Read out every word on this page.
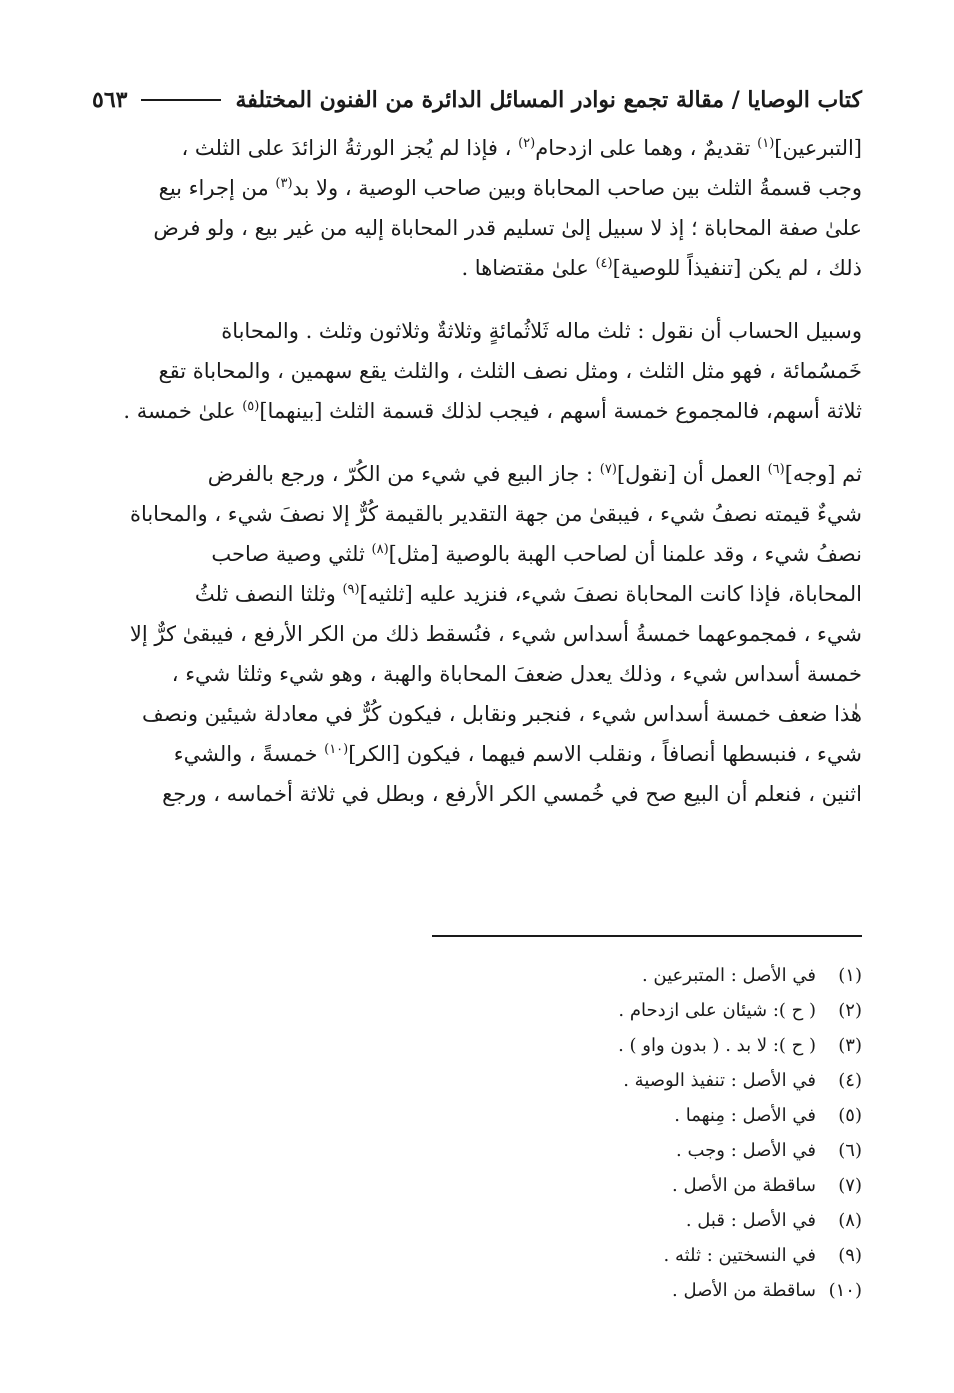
كتاب الوصايا / مقالة تجمع نوادر المسائل الدائرة من الفنون المختلفة
٥٦٣
[التبرعين]$^{(١)}$ تقديمٌ ، وهما على ازدحام$^{(٢)}$ ، فإذا لم يُجز الورثةُ الزائدَ على الثلث ،
وجب قسمةُ الثلث بين صاحب المحاباة وبين صاحب الوصية ، ولا بد$^{(٣)}$ من إجراء بيع
علىٰ صفة المحاباة ؛ إذ لا سبيل إلىٰ تسليم قدر المحاباة إليه من غير بيع ، ولو فرض
ذلك ، لم يكن [تنفيذاً للوصية]$^{(٤)}$ علىٰ مقتضاها .
وسبيل الحساب أن نقول : ثلث ماله ثَلاثُمائةٍ وثلاثةٌ وثلاثون وثلث . والمحاباة
خَمسُمائة ، فهو مثل الثلث ، ومثل نصف الثلث ، والثلث يقع سهمين ، والمحاباة تقع
ثلاثة أسهم، فالمجموع خمسة أسهم ، فيجب لذلك قسمة الثلث [بينهما]$^{(٥)}$ علىٰ خمسة .
ثم [وجه]$^{(٦)}$ العمل أن [نقول]$^{(٧)}$ : جاز البيع في شيء من الكُرّ ، ورجع بالفرض
شيءٌ قيمته نصفُ شيء ، فيبقىٰ من جهة التقدير بالقيمة كُرٌّ إلا نصفَ شيء ، والمحاباة
نصفُ شيء ، وقد علمنا أن لصاحب الهبة بالوصية [مثل]$^{(٨)}$ ثلثي وصية صاحب
المحاباة، فإذا كانت المحاباة نصفَ شيء، فنزيد عليه [ثلثيه]$^{(٩)}$ وثلثا النصف ثلثُ
شيء ، فمجموعهما خمسةُ أسداس شيء ، فنُسقط ذلك من الكر الأرفع ، فيبقىٰ كرٌّ إلا
خمسة أسداس شيء ، وذلك يعدل ضعفَ المحاباة والهبة ، وهو شيء وثلثا شيء ،
هٰذا ضعف خمسة أسداس شيء ، فنجبر ونقابل ، فيكون كُرٌّ في معادلة شيئين ونصف
شيء ، فنبسطها أنصافاً ، ونقلب الاسم فيهما ، فيكون [الكر]$^{(١٠)}$ خمسةً ، والشيء
اثنين ، فنعلم أن البيع صح في خُمسي الكر الأرفع ، وبطل في ثلاثة أخماسه ، ورجع
(١)
في الأصل : المتبرعين .
(٢)
( ح ): شيئان على ازدحام .
(٣)
( ح ): لا بد . ( بدون واو ) .
(٤)
في الأصل : تنفيذ الوصية .
(٥)
في الأصل : مِنهما .
(٦)
في الأصل : وجب .
(٧)
ساقطة من الأصل .
(٨)
في الأصل : قبل .
(٩)
في النسختين : ثلثه .
(١٠)
ساقطة من الأصل .
